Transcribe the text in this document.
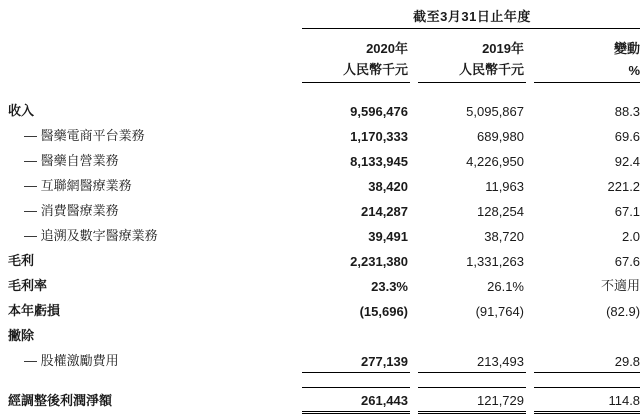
	截至3月31日止年度				

	2020年		2019年		變動
	人民幣千元		人民幣千元		%

收入	9,596,476		5,095,867		88.3
— 醫藥電商平台業務	1,170,333		689,980		69.6
— 醫藥自營業務	8,133,945		4,226,950		92.4
— 互聯網醫療業務	38,420		11,963		221.2
— 消費醫療業務	214,287		128,254		67.1
— 追溯及數字醫療業務	39,491		38,720		2.0
毛利	2,231,380		1,331,263		67.6
毛利率	23.3%		26.1%		不適用
本年虧損	(15,696)		(91,764)		(82.9)
撇除					
— 股權激勵費用	277,139		213,493		29.8

經調整後利潤淨額	261,443		121,729		114.8
